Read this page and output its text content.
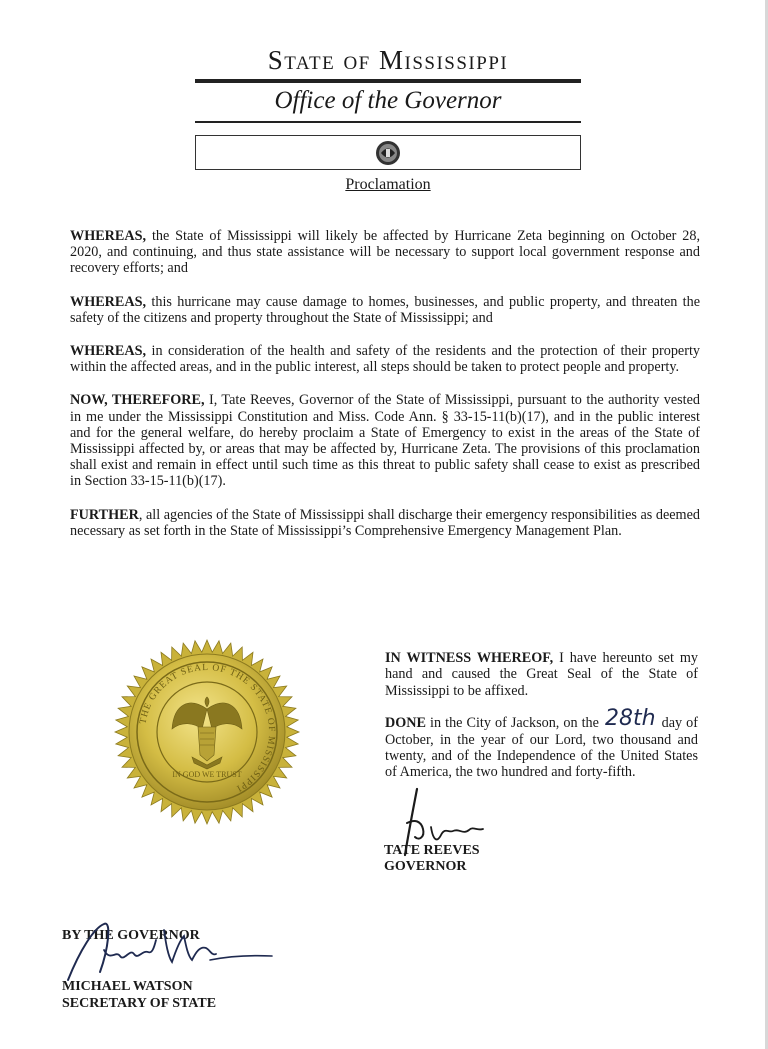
State of Mississippi
Office of the Governor
Proclamation

WHEREAS, the State of Mississippi will likely be affected by Hurricane Zeta beginning on October 28, 2020, and continuing, and thus state assistance will be necessary to support local government response and recovery efforts; and

WHEREAS, this hurricane may cause damage to homes, businesses, and public property, and threaten the safety of the citizens and property throughout the State of Mississippi; and

WHEREAS, in consideration of the health and safety of the residents and the protection of their property within the affected areas, and in the public interest, all steps should be taken to protect people and property.

NOW, THEREFORE, I, Tate Reeves, Governor of the State of Mississippi, pursuant to the authority vested in me under the Mississippi Constitution and Miss. Code Ann. § 33-15-11(b)(17), and in the public interest and for the general welfare, do hereby proclaim a State of Emergency to exist in the areas of the State of Mississippi affected by, or areas that may be affected by, Hurricane Zeta. The provisions of this proclamation shall exist and remain in effect until such time as this threat to public safety shall cease to exist as prescribed in Section 33-15-11(b)(17).

FURTHER, all agencies of the State of Mississippi shall discharge their emergency responsibilities as deemed necessary as set forth in the State of Mississippi’s Comprehensive Emergency Management Plan.

THE GREAT SEAL OF THE STATE OF MISSISSIPPI
IN GOD WE TRUST

IN WITNESS WHEREOF, I have hereunto set my hand and caused the Great Seal of the State of Mississippi to be affixed.

DONE in the City of Jackson, on the 28th day of October, in the year of our Lord, two thousand and twenty, and of the Independence of the United States of America, the two hundred and forty-fifth.

TATE REEVES
GOVERNOR
BY THE GOVERNOR
MICHAEL WATSON
SECRETARY OF STATE
